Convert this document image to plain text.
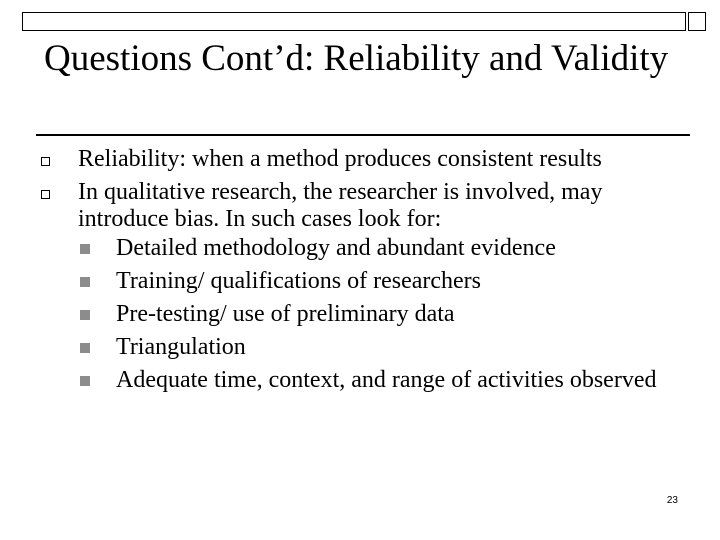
Questions Cont’d: Reliability and Validity
Reliability: when a method produces consistent results
In qualitative research, the researcher is involved, may introduce bias. In such cases look for:
Detailed methodology and abundant evidence
Training/ qualifications of researchers
Pre-testing/ use of preliminary data
Triangulation
Adequate time, context, and range of activities observed
23
